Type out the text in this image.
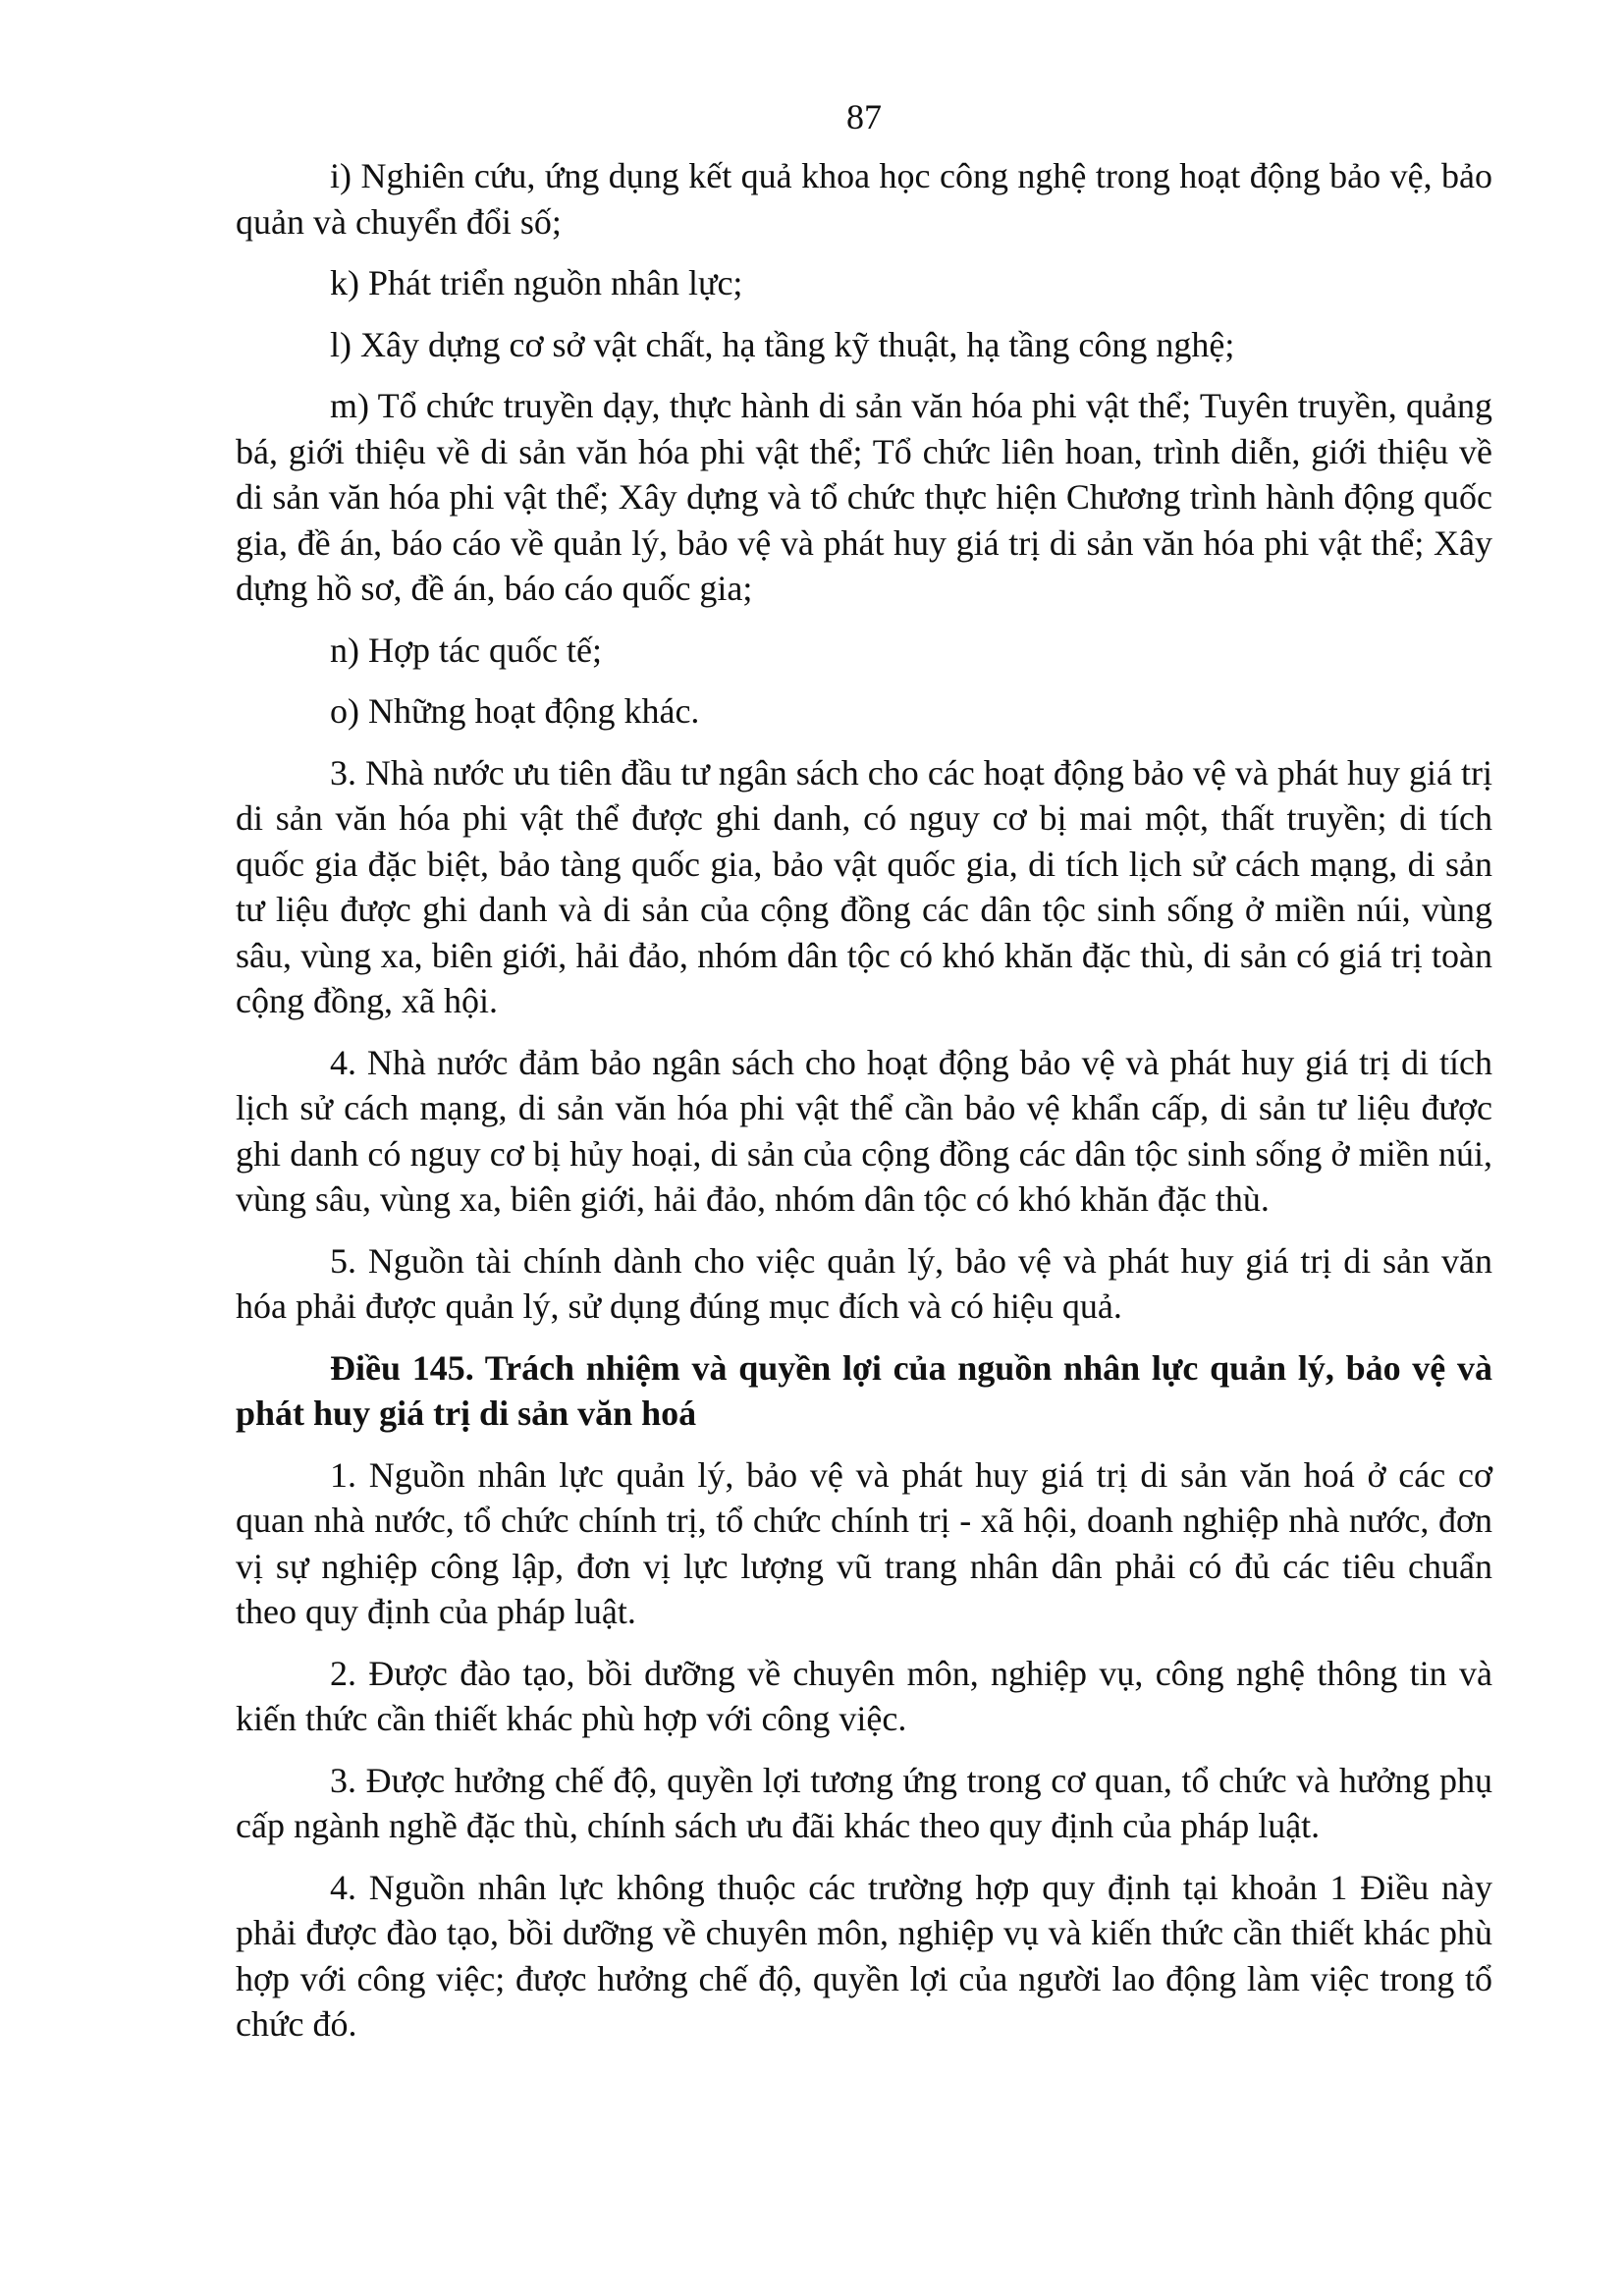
87

i) Nghiên cứu, ứng dụng kết quả khoa học công nghệ trong hoạt động bảo vệ, bảo quản và chuyển đổi số;

k) Phát triển nguồn nhân lực;

l) Xây dựng cơ sở vật chất, hạ tầng kỹ thuật, hạ tầng công nghệ;

m) Tổ chức truyền dạy, thực hành di sản văn hóa phi vật thể; Tuyên truyền, quảng bá, giới thiệu về di sản văn hóa phi vật thể; Tổ chức liên hoan, trình diễn, giới thiệu về di sản văn hóa phi vật thể; Xây dựng và tổ chức thực hiện Chương trình hành động quốc gia, đề án, báo cáo về quản lý, bảo vệ và phát huy giá trị di sản văn hóa phi vật thể; Xây dựng hồ sơ, đề án, báo cáo quốc gia;

n) Hợp tác quốc tế;

o) Những hoạt động khác.

3. Nhà nước ưu tiên đầu tư ngân sách cho các hoạt động bảo vệ và phát huy giá trị di sản văn hóa phi vật thể được ghi danh, có nguy cơ bị mai một, thất truyền; di tích quốc gia đặc biệt, bảo tàng quốc gia, bảo vật quốc gia, di tích lịch sử cách mạng, di sản tư liệu được ghi danh và di sản của cộng đồng các dân tộc sinh sống ở miền núi, vùng sâu, vùng xa, biên giới, hải đảo, nhóm dân tộc có khó khăn đặc thù, di sản có giá trị toàn cộng đồng, xã hội.

4. Nhà nước đảm bảo ngân sách cho hoạt động bảo vệ và phát huy giá trị di tích lịch sử cách mạng, di sản văn hóa phi vật thể cần bảo vệ khẩn cấp, di sản tư liệu được ghi danh có nguy cơ bị hủy hoại, di sản của cộng đồng các dân tộc sinh sống ở miền núi, vùng sâu, vùng xa, biên giới, hải đảo, nhóm dân tộc có khó khăn đặc thù.

5. Nguồn tài chính dành cho việc quản lý, bảo vệ và phát huy giá trị di sản văn hóa phải được quản lý, sử dụng đúng mục đích và có hiệu quả.

Điều 145. Trách nhiệm và quyền lợi của nguồn nhân lực quản lý, bảo vệ và phát huy giá trị di sản văn hoá

1. Nguồn nhân lực quản lý, bảo vệ và phát huy giá trị di sản văn hoá ở các cơ quan nhà nước, tổ chức chính trị, tổ chức chính trị - xã hội, doanh nghiệp nhà nước, đơn vị sự nghiệp công lập, đơn vị lực lượng vũ trang nhân dân phải có đủ các tiêu chuẩn theo quy định của pháp luật.

2. Được đào tạo, bồi dưỡng về chuyên môn, nghiệp vụ, công nghệ thông tin và kiến thức cần thiết khác phù hợp với công việc.

3. Được hưởng chế độ, quyền lợi tương ứng trong cơ quan, tổ chức và hưởng phụ cấp ngành nghề đặc thù, chính sách ưu đãi khác theo quy định của pháp luật.

4. Nguồn nhân lực không thuộc các trường hợp quy định tại khoản 1 Điều này phải được đào tạo, bồi dưỡng về chuyên môn, nghiệp vụ và kiến thức cần thiết khác phù hợp với công việc; được hưởng chế độ, quyền lợi của người lao động làm việc trong tổ chức đó.
